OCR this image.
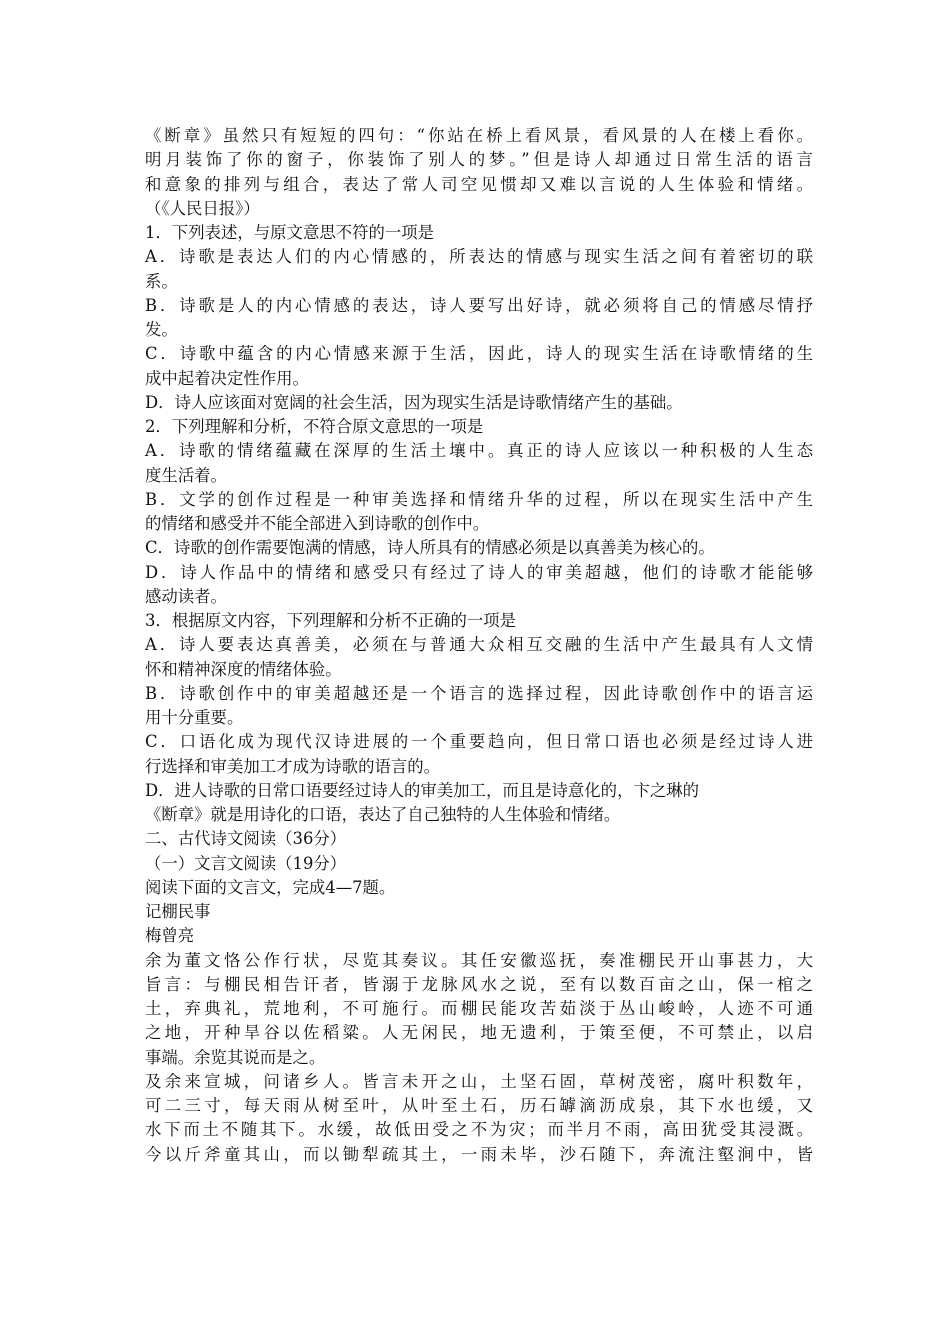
《断章》虽然只有短短的四句：“你站在桥上看风景，看风景的人在楼上看你。
明月装饰了你的窗子，你装饰了别人的梦。”但是诗人却通过日常生活的语言
和意象的排列与组合，表达了常人司空见惯却又难以言说的人生体验和情绪。
（《人民日报》）
1．下列表述，与原文意思不符的一项是
A．诗歌是表达人们的内心情感的，所表达的情感与现实生活之间有着密切的联
系。
B．诗歌是人的内心情感的表达，诗人要写出好诗，就必须将自己的情感尽情抒
发。
C．诗歌中蕴含的内心情感来源于生活，因此，诗人的现实生活在诗歌情绪的生
成中起着决定性作用。
D．诗人应该面对宽阔的社会生活，因为现实生活是诗歌情绪产生的基础。
2．下列理解和分析，不符合原文意思的一项是
A．诗歌的情绪蕴藏在深厚的生活土壤中。真正的诗人应该以一种积极的人生态
度生活着。
B．文学的创作过程是一种审美选择和情绪升华的过程，所以在现实生活中产生
的情绪和感受并不能全部进入到诗歌的创作中。
C．诗歌的创作需要饱满的情感，诗人所具有的情感必须是以真善美为核心的。
D．诗人作品中的情绪和感受只有经过了诗人的审美超越，他们的诗歌才能能够
感动读者。
3．根据原文内容，下列理解和分析不正确的一项是
A．诗人要表达真善美，必须在与普通大众相互交融的生活中产生最具有人文情
怀和精神深度的情绪体验。
B．诗歌创作中的审美超越还是一个语言的选择过程，因此诗歌创作中的语言运
用十分重要。
C．口语化成为现代汉诗进展的一个重要趋向，但日常口语也必须是经过诗人进
行选择和审美加工才成为诗歌的语言的。
D．进人诗歌的日常口语要经过诗人的审美加工，而且是诗意化的，卞之琳的
《断章》就是用诗化的口语，表达了自己独特的人生体验和情绪。
二、古代诗文阅读（36分）
（一）文言文阅读（19分）
阅读下面的文言文，完成4—7题。
记棚民事
梅曾亮
余为董文恪公作行状，尽览其奏议。其任安徽巡抚，奏准棚民开山事甚力，大
旨言：与棚民相告讦者，皆溺于龙脉风水之说，至有以数百亩之山，保一棺之
土，弃典礼，荒地利，不可施行。而棚民能攻苦茹淡于丛山峻岭，人迹不可通
之地，开种旱谷以佐稻粱。人无闲民，地无遗利，于策至便，不可禁止，以启
事端。余览其说而是之。
及余来宣城，问诸乡人。皆言未开之山，土坚石固，草树茂密，腐叶积数年，
可二三寸，每天雨从树至叶，从叶至土石，历石罅滴沥成泉，其下水也缓，又
水下而土不随其下。水缓，故低田受之不为灾；而半月不雨，高田犹受其浸溉。
今以斤斧童其山，而以锄犁疏其土，一雨未毕，沙石随下，奔流注壑涧中，皆
